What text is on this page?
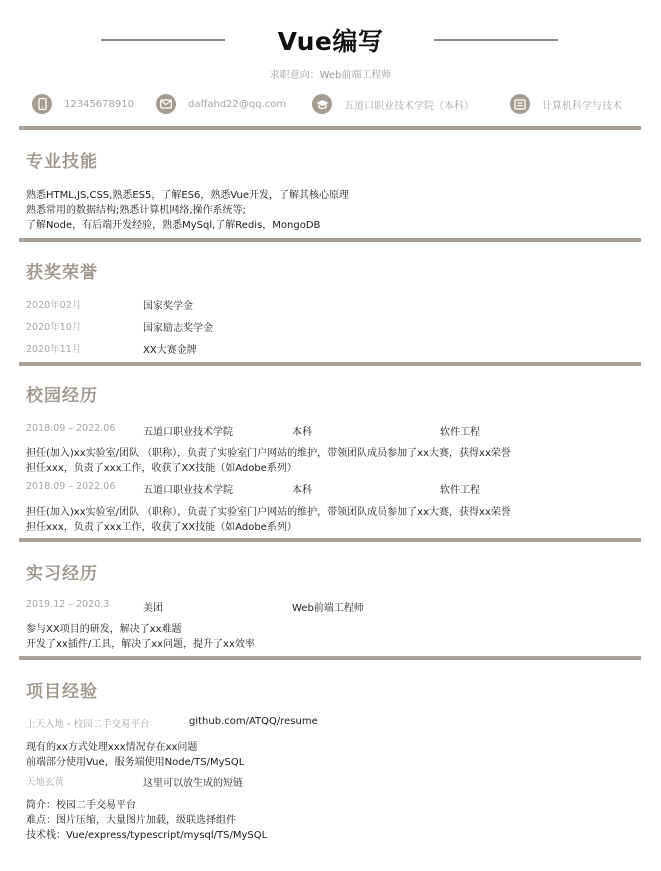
Vue编写
求职意向：Web前端工程师
12345678910	daffahd22@qq.com	五道口职业技术学院（本科）	计算机科学与技术
专业技能
熟悉HTML,JS,CSS,熟悉ES5，了解ES6，熟悉Vue开发，了解其核心原理
熟悉常用的数据结构;熟悉计算机网络,操作系统等;
了解Node，有后端开发经验，熟悉MySql,了解Redis，MongoDB
获奖荣誉
2020年02月	国家奖学金
2020年10月	国家励志奖学金
2020年11月	XX大赛金牌
校园经历
2018.09 – 2022.06	五道口职业技术学院	本科	软件工程
担任(加入)xx实验室/团队 （职称），负责了实验室门户网站的维护，带领团队成员参加了xx大赛，获得xx荣誉
担任xxx，负责了xxx工作，收获了XX技能（如Adobe系列）
2018.09 – 2022.06	五道口职业技术学院	本科	软件工程
担任(加入)xx实验室/团队 （职称），负责了实验室门户网站的维护，带领团队成员参加了xx大赛，获得xx荣誉
担任xxx，负责了xxx工作，收获了XX技能（如Adobe系列）
实习经历
2019.12 – 2020.3	美团	Web前端工程师
参与XX项目的研发，解决了xx难题
开发了xx插件/工具，解决了xx问题，提升了xx效率
项目经验
上天入地 - 校园二手交易平台	github.com/ATQQ/resume
现有的xx方式处理xxx情况存在xx问题
前端部分使用Vue，服务端使用Node/TS/MySQL
天地玄黄	这里可以放生成的短链
简介：校园二手交易平台
难点：图片压缩，大量图片加载，级联选择组件
技术栈：Vue/express/typescript/mysql/TS/MySQL
